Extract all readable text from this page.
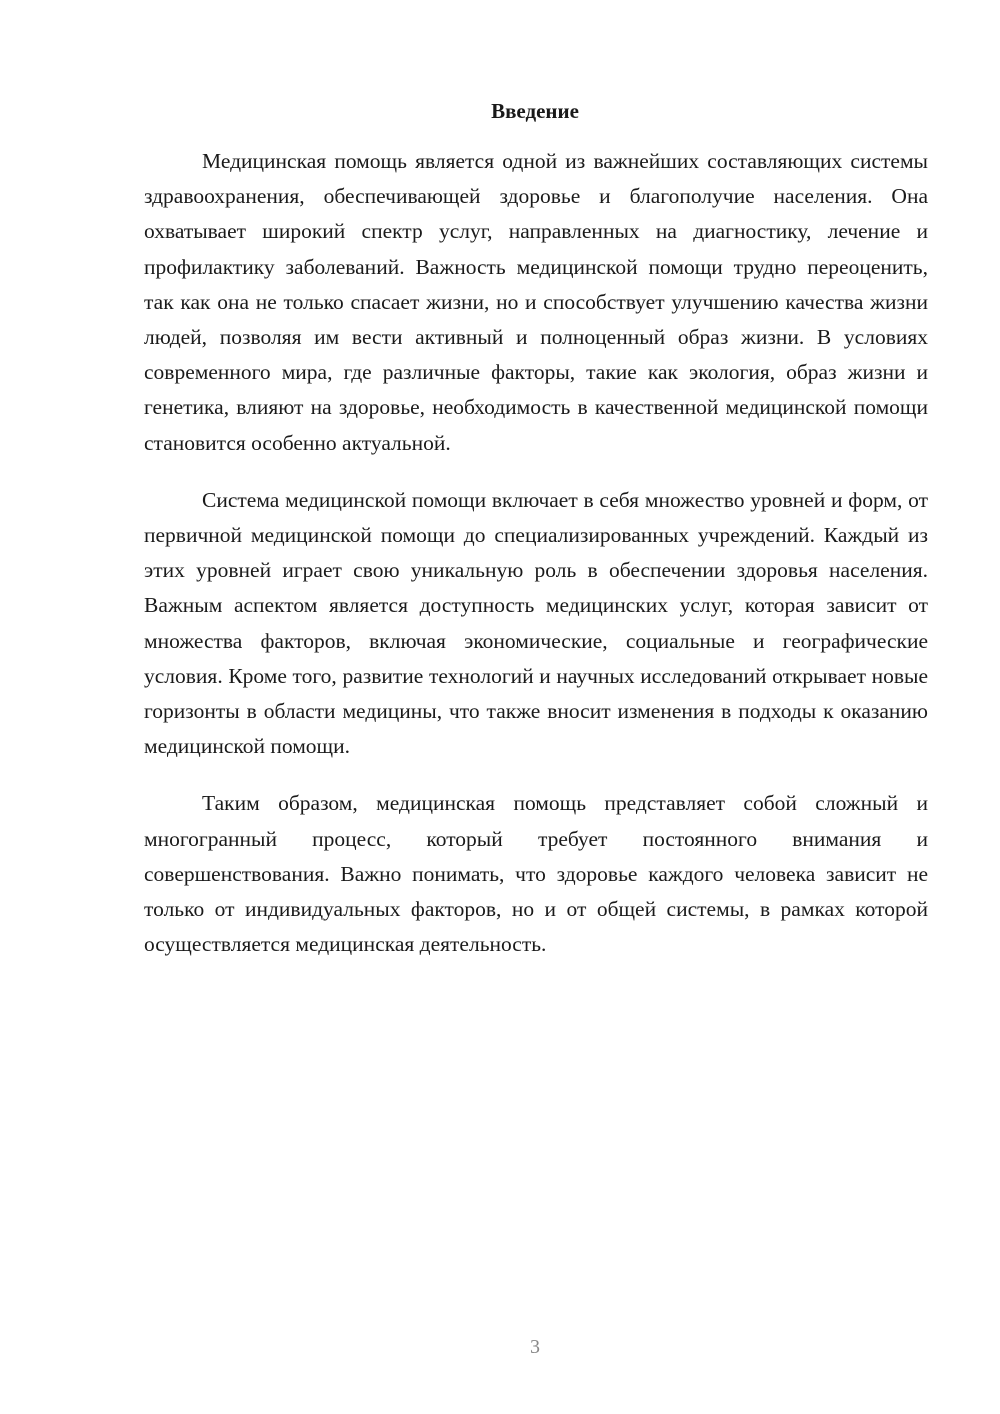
Введение

Медицинская помощь является одной из важнейших составляющих системы здравоохранения, обеспечивающей здоровье и благополучие населения. Она охватывает широкий спектр услуг, направленных на диагностику, лечение и профилактику заболеваний. Важность медицинской помощи трудно переоценить, так как она не только спасает жизни, но и способствует улучшению качества жизни людей, позволяя им вести активный и полноценный образ жизни. В условиях современного мира, где различные факторы, такие как экология, образ жизни и генетика, влияют на здоровье, необходимость в качественной медицинской помощи становится особенно актуальной.

Система медицинской помощи включает в себя множество уровней и форм, от первичной медицинской помощи до специализированных учреждений. Каждый из этих уровней играет свою уникальную роль в обеспечении здоровья населения. Важным аспектом является доступность медицинских услуг, которая зависит от множества факторов, включая экономические, социальные и географические условия. Кроме того, развитие технологий и научных исследований открывает новые горизонты в области медицины, что также вносит изменения в подходы к оказанию медицинской помощи.

Таким образом, медицинская помощь представляет собой сложный и многогранный процесс, который требует постоянного внимания и совершенствования. Важно понимать, что здоровье каждого человека зависит не только от индивидуальных факторов, но и от общей системы, в рамках которой осуществляется медицинская деятельность.

3
